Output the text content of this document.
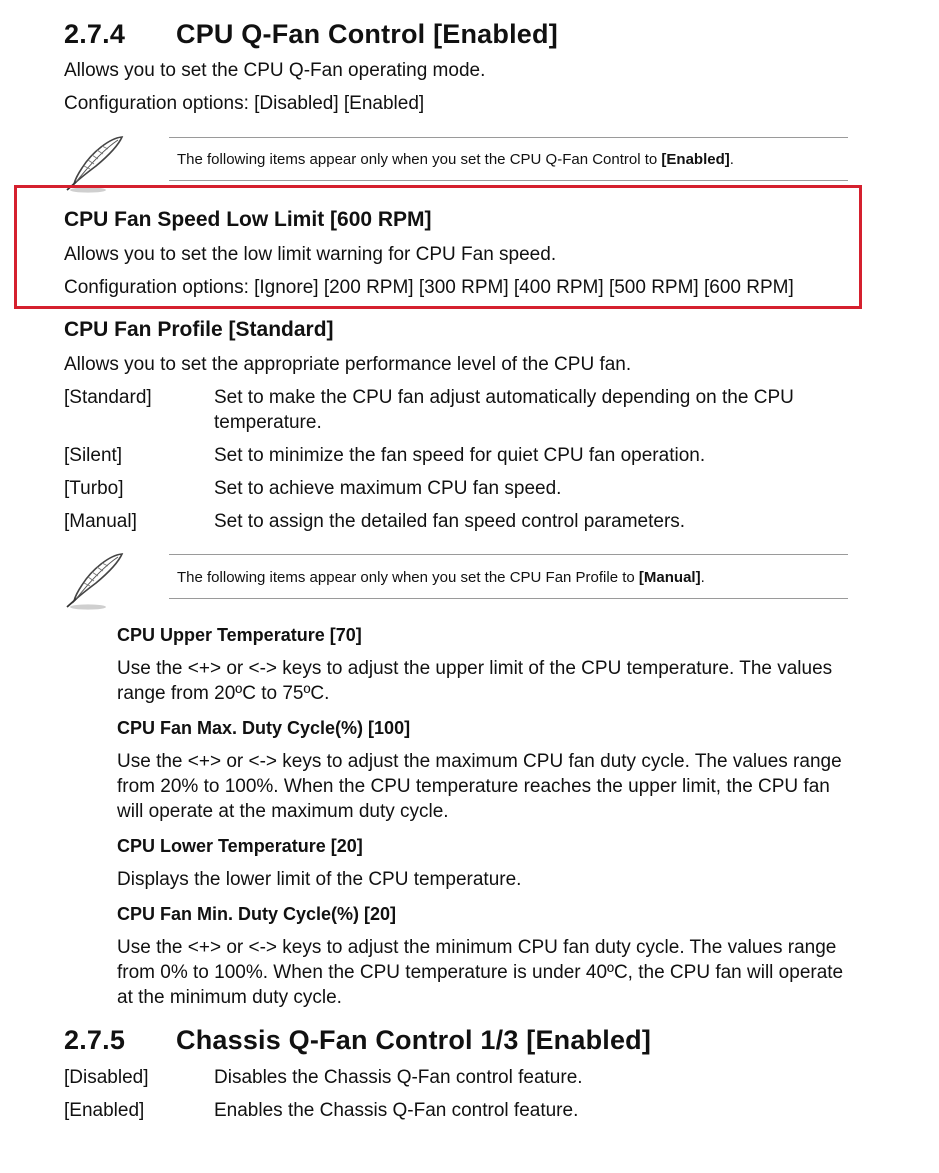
2.7.4 CPU Q-Fan Control [Enabled]
Allows you to set the CPU Q-Fan operating mode.
Configuration options: [Disabled] [Enabled]
The following items appear only when you set the CPU Q-Fan Control to [Enabled].
CPU Fan Speed Low Limit [600 RPM]
Allows you to set the low limit warning for CPU Fan speed.
Configuration options: [Ignore] [200 RPM] [300 RPM] [400 RPM] [500 RPM] [600 RPM]
CPU Fan Profile [Standard]
Allows you to set the appropriate performance level of the CPU fan.
[Standard]	Set to make the CPU fan adjust automatically depending on the CPU temperature.
[Silent]	Set to minimize the fan speed for quiet CPU fan operation.
[Turbo]	Set to achieve maximum CPU fan speed.
[Manual]	Set to assign the detailed fan speed control parameters.
The following items appear only when you set the CPU Fan Profile to [Manual].
CPU Upper Temperature [70]
Use the <+> or <-> keys to adjust the upper limit of the CPU temperature. The values range from 20ºC to 75ºC.
CPU Fan Max. Duty Cycle(%) [100]
Use the <+> or <-> keys to adjust the maximum CPU fan duty cycle. The values range from 20% to 100%. When the CPU temperature reaches the upper limit, the CPU fan will operate at the maximum duty cycle.
CPU Lower Temperature [20]
Displays the lower limit of the CPU temperature.
CPU Fan Min. Duty Cycle(%) [20]
Use the <+> or <-> keys to adjust the minimum CPU fan duty cycle. The values range from 0% to 100%. When the CPU temperature is under 40ºC, the CPU fan will operate at the minimum duty cycle.
2.7.5 Chassis Q-Fan Control 1/3 [Enabled]
[Disabled]	Disables the Chassis Q-Fan control feature.
[Enabled]	Enables the Chassis Q-Fan control feature.
